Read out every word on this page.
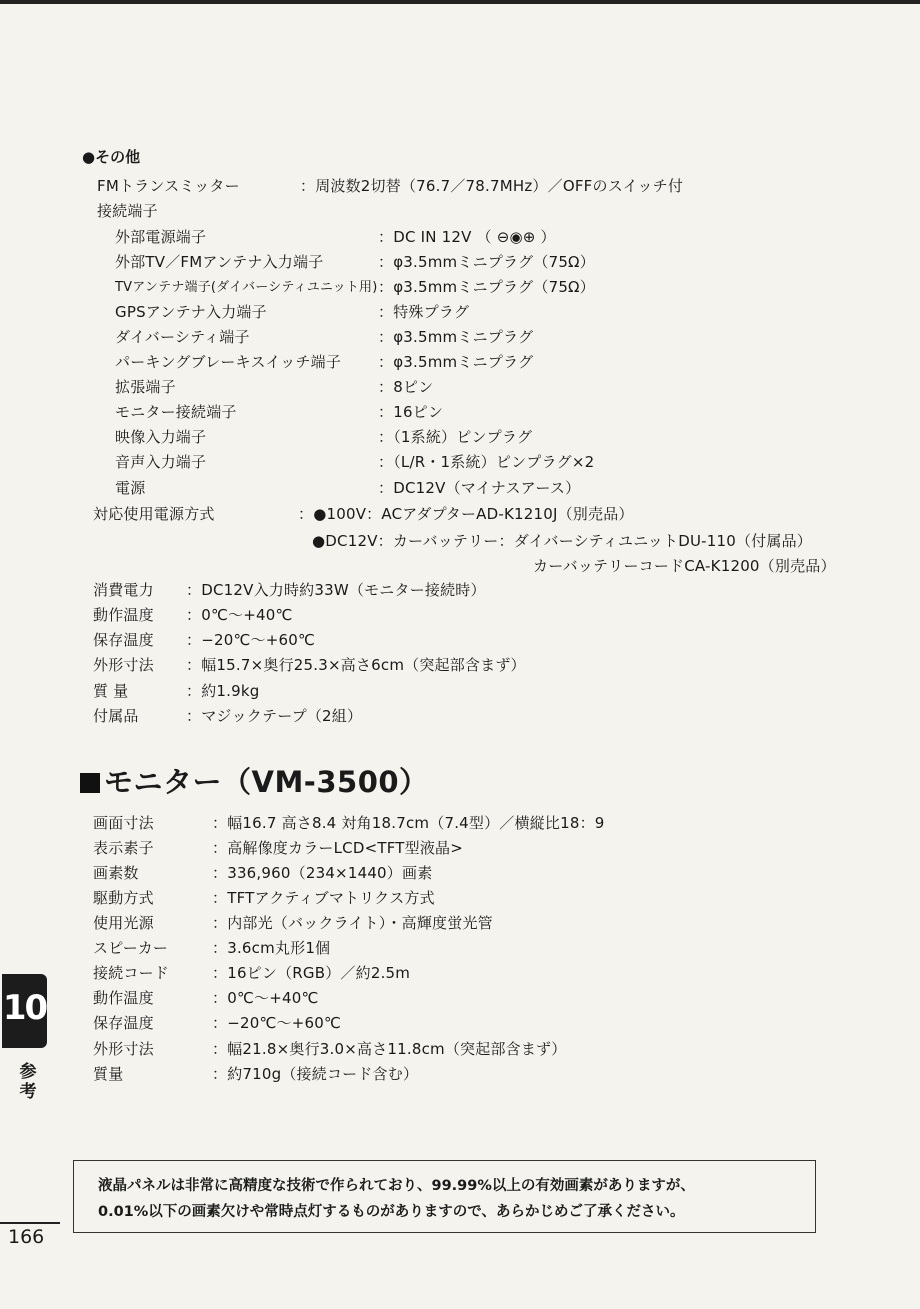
●その他
FMトランスミッター	：周波数2切替（76.7／78.7MHz）／OFFのスイッチ付
接続端子
外部電源端子	：DC IN 12V （ ⊖◉⊕ ）
外部TV／FMアンテナ入力端子	：φ3.5mmミニプラグ（75Ω）
TVアンテナ端子(ダイバーシティユニット用) ：φ3.5mmミニプラグ（75Ω）
GPSアンテナ入力端子	：特殊プラグ
ダイバーシティ端子	：φ3.5mmミニプラグ
パーキングブレーキスイッチ端子 ：φ3.5mmミニプラグ
拡張端子	：8ピン
モニター接続端子	：16ピン
映像入力端子	：（1系統）ピンプラグ
音声入力端子	：（L/R・1系統）ピンプラグ×2
電源	：DC12V（マイナスアース）
対応使用電源方式	：●100V：ACアダプターAD-K1210J（別売品）
●DC12V：カーバッテリー：ダイバーシティユニットDU-110（付属品）
カーバッテリーコードCA-K1200（別売品）
消費電力 ：DC12V入力時約33W（モニター接続時）
動作温度 ：0℃〜+40℃
保存温度 ：−20℃〜+60℃
外形寸法 ：幅15.7×奥行25.3×高さ6cm（突起部含まず）
質 量	：約1.9kg
付属品	：マジックテープ（2組）
モニター（VM-3500）
画面寸法	：幅16.7 高さ8.4 対角18.7cm（7.4型）／横縦比18：9
表示素子	：高解像度カラーLCD<TFT型液晶>
画素数	：336,960（234×1440）画素
駆動方式	：TFTアクティブマトリクス方式
使用光源	：内部光（バックライト）・高輝度蛍光管
スピーカー	：3.6cm丸形1個
接続コード	：16ピン（RGB）／約2.5m
動作温度	：0℃〜+40℃
保存温度	：−20℃〜+60℃
外形寸法	：幅21.8×奥行3.0×高さ11.8cm（突起部含まず）
質量	：約710g（接続コード含む）
10
参考
液晶パネルは非常に高精度な技術で作られており、99.99%以上の有効画素がありますが、
0.01%以下の画素欠けや常時点灯するものがありますので、あらかじめご了承ください。
166
